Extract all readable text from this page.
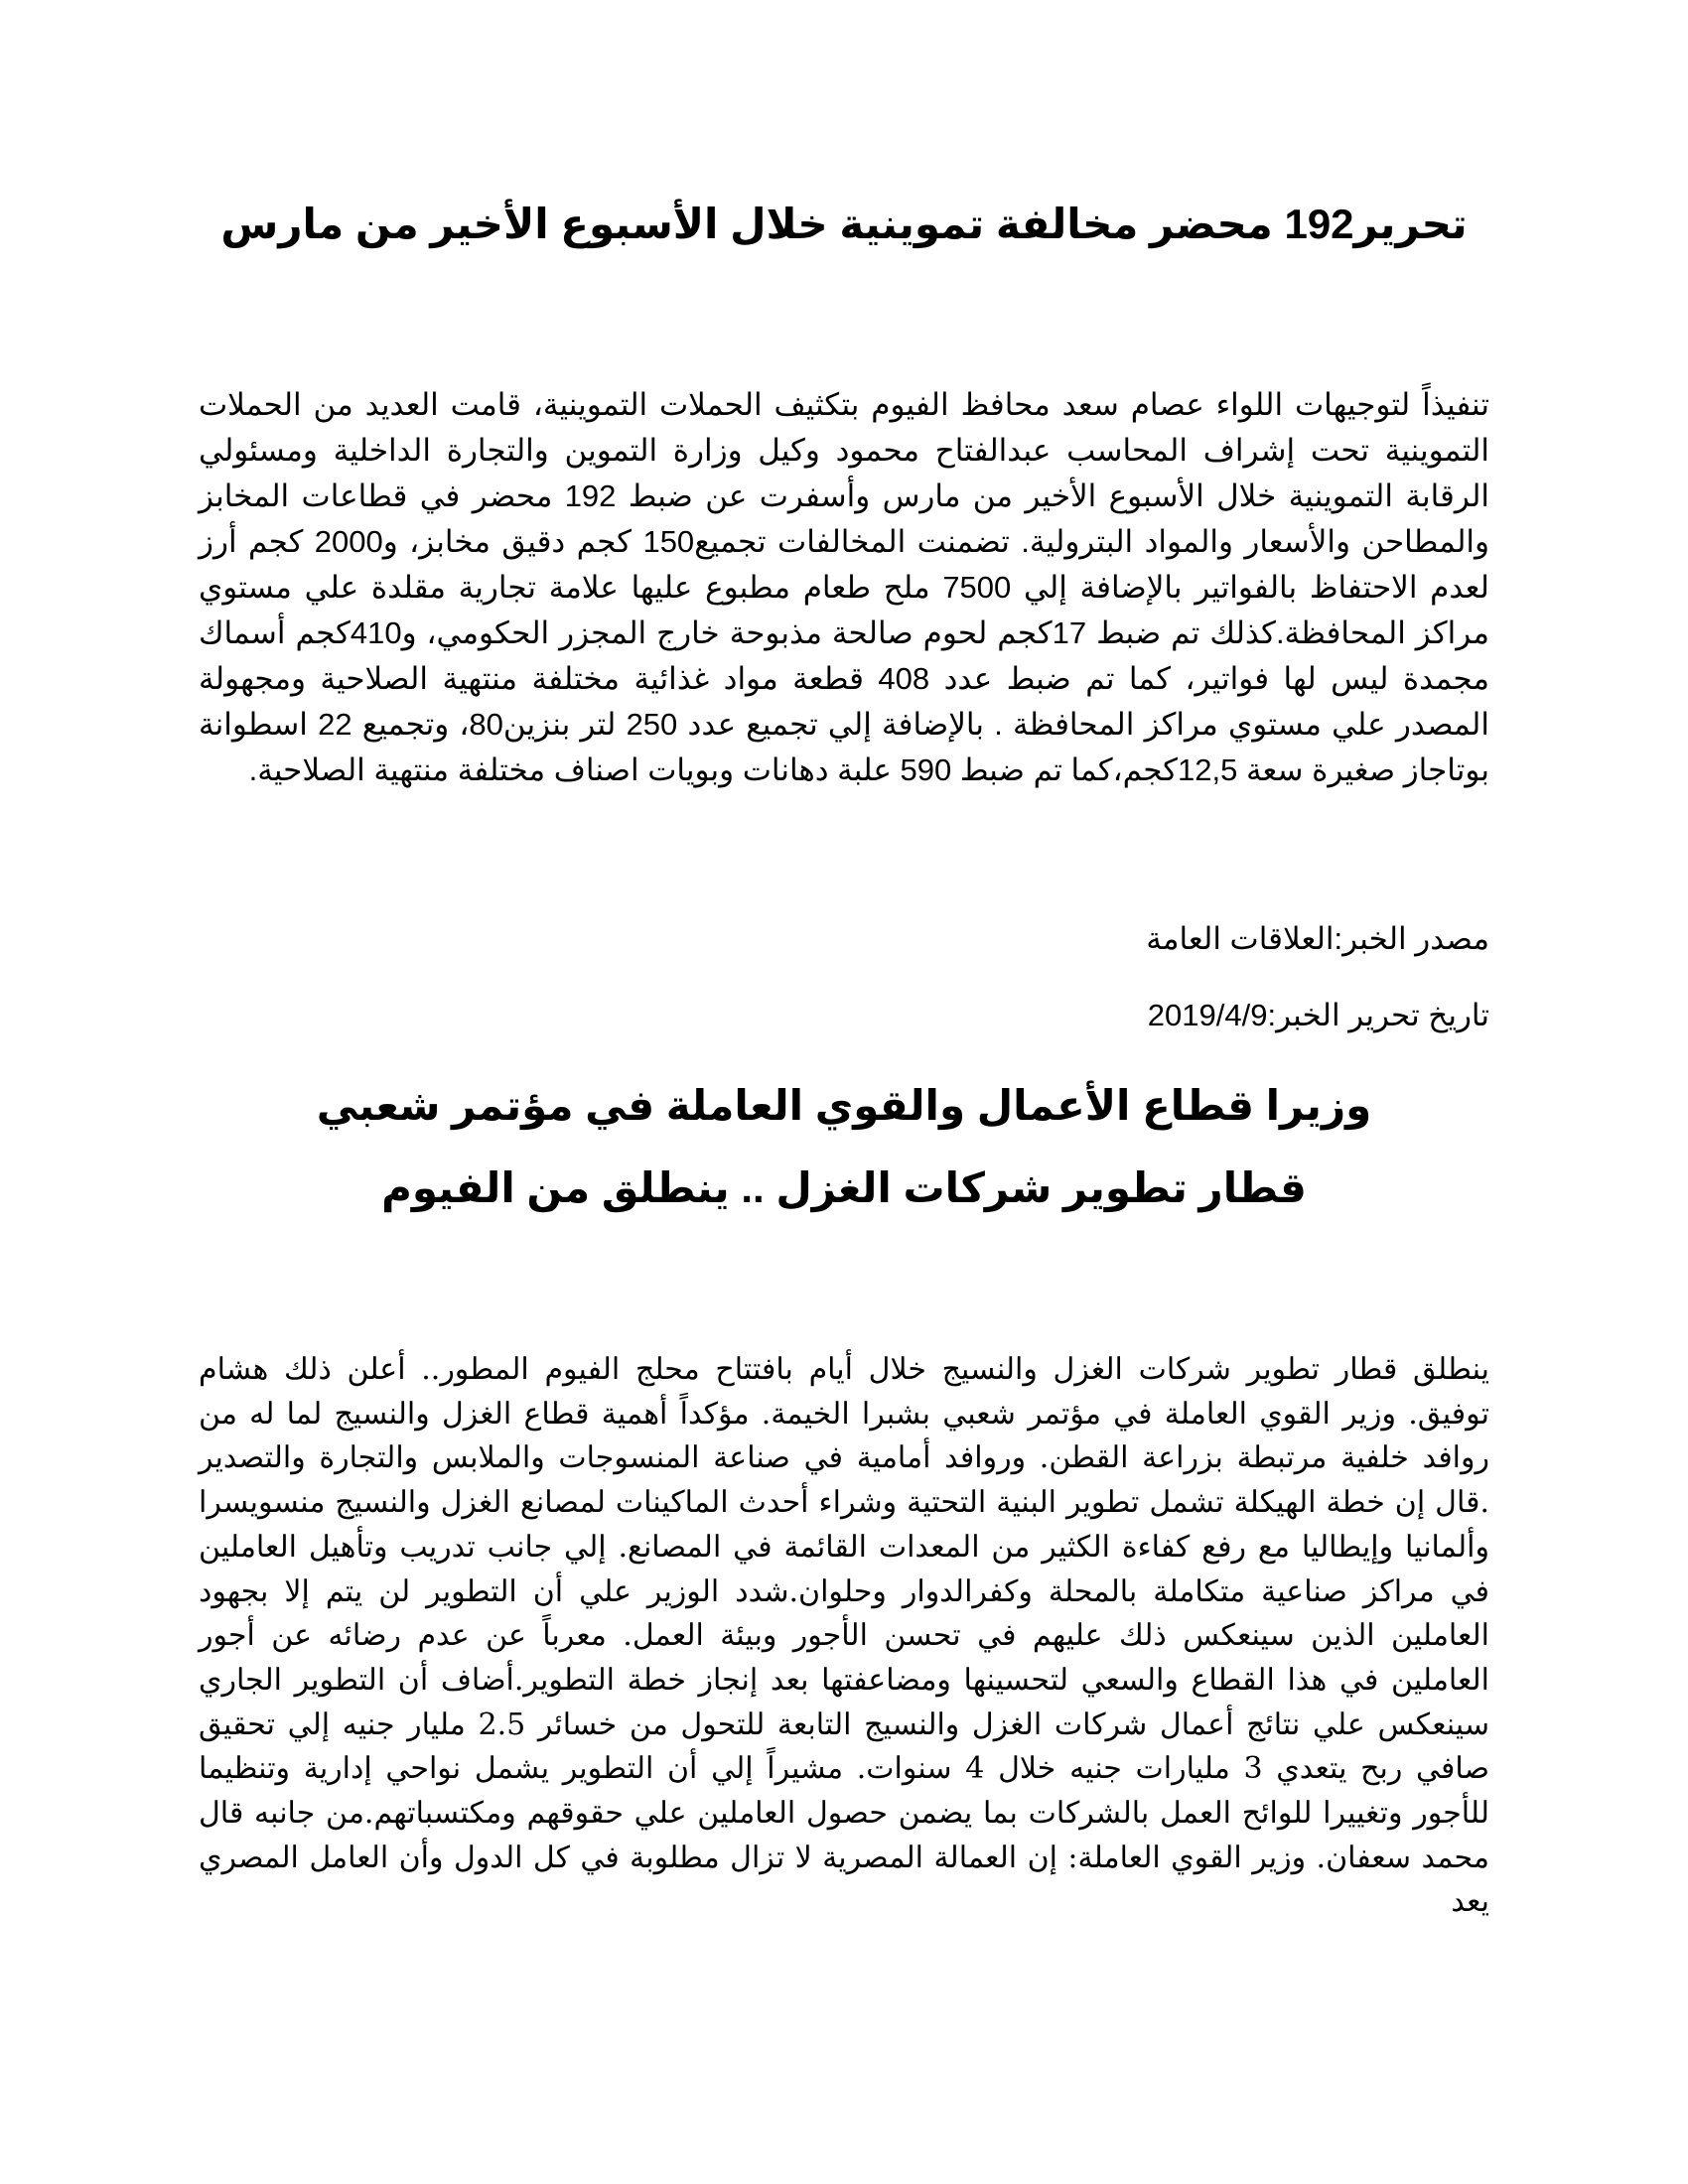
تحرير192 محضر مخالفة تموينية خلال الأسبوع الأخير من مارس

تنفيذاً لتوجيهات اللواء عصام سعد محافظ الفيوم بتكثيف الحملات التموينية، قامت العديد من الحملات التموينية تحت إشراف المحاسب عبدالفتاح محمود وكيل وزارة التموين والتجارة الداخلية ومسئولي الرقابة التموينية خلال الأسبوع الأخير من مارس وأسفرت عن ضبط 192 محضر في قطاعات المخابز والمطاحن والأسعار والمواد البترولية. تضمنت المخالفات تجميع150 كجم دقيق مخابز، و2000 كجم أرز لعدم الاحتفاظ بالفواتير بالإضافة إلي 7500 ملح طعام مطبوع عليها علامة تجارية مقلدة علي مستوي مراكز المحافظة.كذلك تم ضبط 17كجم لحوم صالحة مذبوحة خارج المجزر الحكومي، و410كجم أسماك مجمدة ليس لها فواتير، كما تم ضبط عدد 408 قطعة مواد غذائية مختلفة منتهية الصلاحية ومجهولة المصدر علي مستوي مراكز المحافظة . بالإضافة إلي تجميع عدد 250 لتر بنزين80، وتجميع 22 اسطوانة بوتاجاز صغيرة سعة 12,5كجم،كما تم ضبط 590 علبة دهانات وبويات اصناف مختلفة منتهية الصلاحية.

مصدر الخبر:العلاقات العامة

تاريخ تحرير الخبر:2019/4/9

وزيرا قطاع الأعمال والقوي العاملة في مؤتمر شعبي
قطار تطوير شركات الغزل .. ينطلق من الفيوم

ينطلق قطار تطوير شركات الغزل والنسيج خلال أيام بافتتاح محلج الفيوم المطور.. أعلن ذلك هشام توفيق. وزير القوي العاملة في مؤتمر شعبي بشبرا الخيمة. مؤكداً أهمية قطاع الغزل والنسيج لما له من روافد خلفية مرتبطة بزراعة القطن. وروافد أمامية في صناعة المنسوجات والملابس والتجارة والتصدير .قال إن خطة الهيكلة تشمل تطوير البنية التحتية وشراء أحدث الماكينات لمصانع الغزل والنسيج منسويسرا وألمانيا وإيطاليا مع رفع كفاءة الكثير من المعدات القائمة في المصانع. إلي جانب تدريب وتأهيل العاملين في مراكز صناعية متكاملة بالمحلة وكفرالدوار وحلوان.شدد الوزير علي أن التطوير لن يتم إلا بجهود العاملين الذين سينعكس ذلك عليهم في تحسن الأجور وبيئة العمل. معرباً عن عدم رضائه عن أجور العاملين في هذا القطاع والسعي لتحسينها ومضاعفتها بعد إنجاز خطة التطوير.أضاف أن التطوير الجاري سينعكس علي نتائج أعمال شركات الغزل والنسيج التابعة للتحول من خسائر 2.5 مليار جنيه إلي تحقيق صافي ربح يتعدي 3 مليارات جنيه خلال 4 سنوات. مشيراً إلي أن التطوير يشمل نواحي إدارية وتنظيما للأجور وتغييرا للوائح العمل بالشركات بما يضمن حصول العاملين علي حقوقهم ومكتسباتهم.من جانبه قال محمد سعفان. وزير القوي العاملة: إن العمالة المصرية لا تزال مطلوبة في كل الدول وأن العامل المصري يعد
